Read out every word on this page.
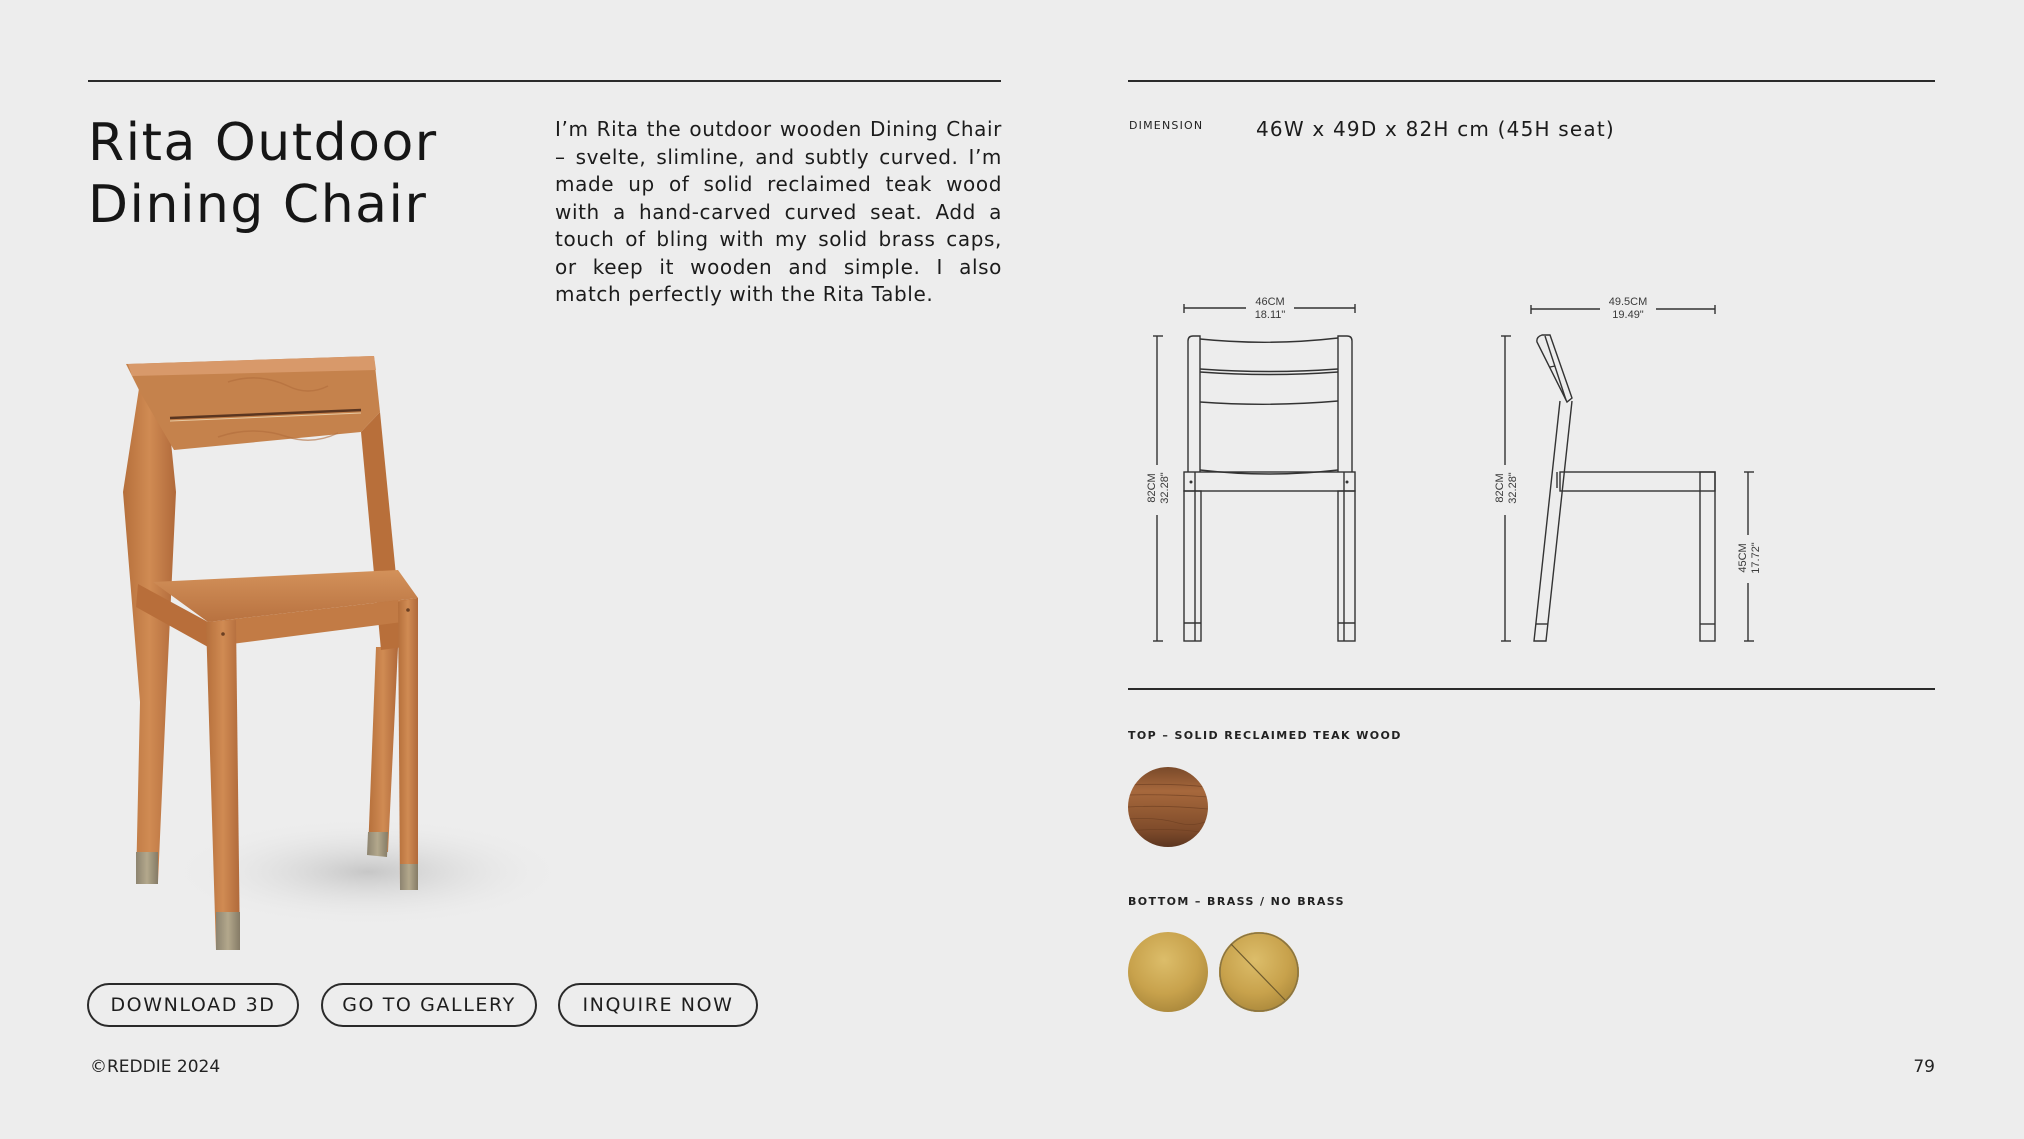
Rita Outdoor
Dining Chair

I’m Rita the outdoor wooden Dining Chair – svelte, slimline, and subtly curved. I’m made up of solid reclaimed teak wood with a hand-carved curved seat. Add a touch of bling with my solid brass caps, or keep it wooden and simple. I also match perfectly with the Rita Table.

DOWNLOAD 3D	GO TO GALLERY	INQUIRE NOW
©REDDIE 2024	79
DIMENSION	46W x 49D x 82H cm (45H seat)
46CM
18.11"
82CM 32.28"
49.5CM
19.49"
82CM 32.28"
45CM 17.72"
TOP – SOLID RECLAIMED TEAK WOOD
BOTTOM – BRASS / NO BRASS
